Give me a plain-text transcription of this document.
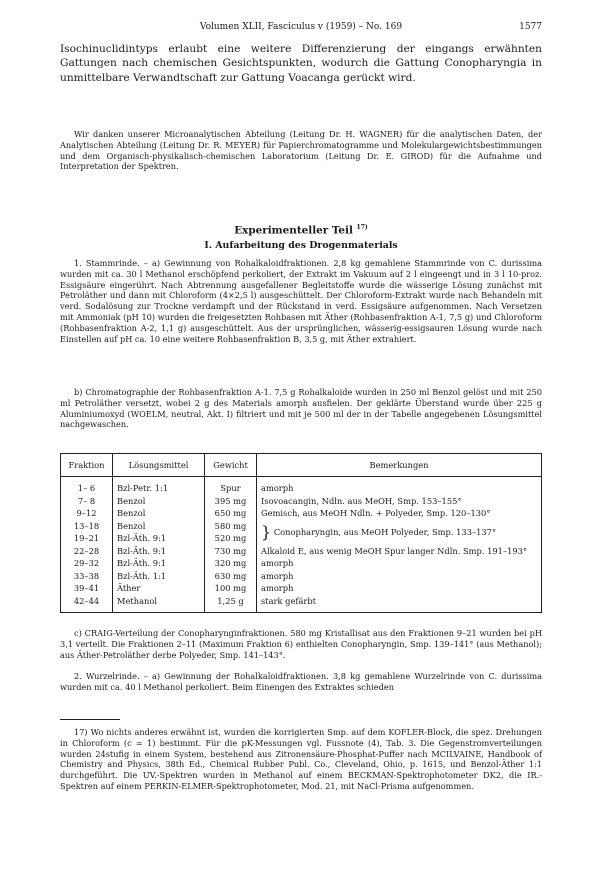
Volumen XLII, Fasciculus v (1959) – No. 169	1577
Isochinuclidintyps erlaubt eine weitere Differenzierung der eingangs erwähnten Gattungen nach chemischen Gesichtspunkten, wodurch die Gattung Conopharyngia in unmittelbare Verwandtschaft zur Gattung Voacanga gerückt wird.
Wir danken unserer Microanalytischen Abteilung (Leitung Dr. H. WAGNER) für die analytischen Daten, der Analytischen Abteilung (Leitung Dr. R. MEYER) für Papierchromatogramme und Molekulargewichtsbestimmungen und dem Organisch-physikalisch-chemischen Laboratorium (Leitung Dr. E. GIROD) für die Aufnahme und Interpretation der Spektren.
Experimenteller Teil $^{17)}$
I. Aufarbeitung des Drogenmaterials
1. Stammrinde. – a) Gewinnung von Rohalkaloidfraktionen. 2,8 kg gemahlene Stammrinde von C. durissima wurden mit ca. 30 l Methanol erschöpfend perkoliert, der Extrakt im Vakuum auf 2 l eingeengt und in 3 l 10-proz. Essigsäure eingerührt. Nach Abtrennung ausgefallener Begleitstoffe wurde die wässerige Lösung zunächst mit Petroläther und dann mit Chloroform (4×2,5 l) ausgeschüttelt. Der Chloroform-Extrakt wurde nach Behandeln mit verd. Sodalösung zur Trockne verdampft und der Rückstand in verd. Essigsäure aufgenommen. Nach Versetzen mit Ammoniak (pH 10) wurden die freigesetzten Rohbasen mit Äther (Rohbasenfraktion A-1, 7,5 g) und Chloroform (Rohbasenfraktion A-2, 1,1 g) ausgeschüttelt. Aus der ursprünglichen, wässerig-essigsauren Lösung wurde nach Einstellen auf pH ca. 10 eine weitere Rohbasenfraktion B, 3,5 g, mit Äther extrahiert.
b) Chromatographie der Rohbasenfraktion A-1. 7,5 g Rohalkaloide wurden in 250 ml Benzol gelöst und mit 250 ml Petroläther versetzt, wobei 2 g des Materials amorph ausfielen. Der geklärte Überstand wurde über 225 g Aluminiumoxyd (WOELM, neutral, Akt. I) filtriert und mit je 500 ml der in der Tabelle angegebenen Lösungsmittel nachgewaschen.
Fraktion	Lösungsmittel	Gewicht	Bemerkungen
1– 6	Bzl-Petr. 1:1	Spur	amorph
7– 8	Benzol	395 mg	Isovoacangin, Ndln. aus MeOH, Smp. 153–155°
9–12	Benzol	650 mg	Gemisch, aus MeOH Ndln. + Polyeder, Smp. 120–130°
13–18	Benzol	580 mg	} Conopharyngin, aus MeOH Polyeder, Smp. 133–137°
19–21	Bzl-Äth. 9:1	520 mg	
22–28	Bzl-Äth. 9:1	730 mg	Alkaloid E, aus wenig MeOH Spur langer Ndln. Smp. 191–193°
29–32	Bzl-Äth. 9:1	320 mg	amorph
33–38	Bzl-Äth. 1:1	630 mg	amorph
39–41	Äther	100 mg	amorph
42–44	Methanol	1,25 g	stark gefärbt
c) CRAIG-Verteilung der Conopharynginfraktionen. 580 mg Kristallisat aus den Fraktionen 9–21 wurden bei pH 3,1 verteilt. Die Fraktionen 2–11 (Maximum Fraktion 6) enthielten Conopharyngin, Smp. 139–141° (aus Methanol); aus Äther-Petroläther derbe Polyeder, Smp. 141–143°.
2. Wurzelrinde. – a) Gewinnung der Rohalkaloidfraktionen. 3,8 kg gemahlene Wurzelrinde von C. durissima wurden mit ca. 40 l Methanol perkoliert. Beim Einengen des Extraktes schieden
17) Wo nichts anderes erwähnt ist, wurden die korrigierten Smp. auf dem KOFLER-Block, die spez. Drehungen in Chloroform (c = 1) bestimmt. Für die pK-Messungen vgl. Fussnote (4), Tab. 3. Die Gegenstromverteilungen wurden 24stufig in einem System, bestehend aus Zitronensäure-Phosphat-Puffer nach MCILVAINE, Handbook of Chemistry and Physics, 38th Ed., Chemical Rubber Publ. Co., Cleveland, Ohio, p. 1615, und Benzol-Äther 1:1 durchgeführt. Die UV.-Spektren wurden in Methanol auf einem BECKMAN-Spektrophotometer DK2, die IR.-Spektren auf einem PERKIN-ELMER-Spektrophotometer, Mod. 21, mit NaCl-Prisma aufgenommen.
